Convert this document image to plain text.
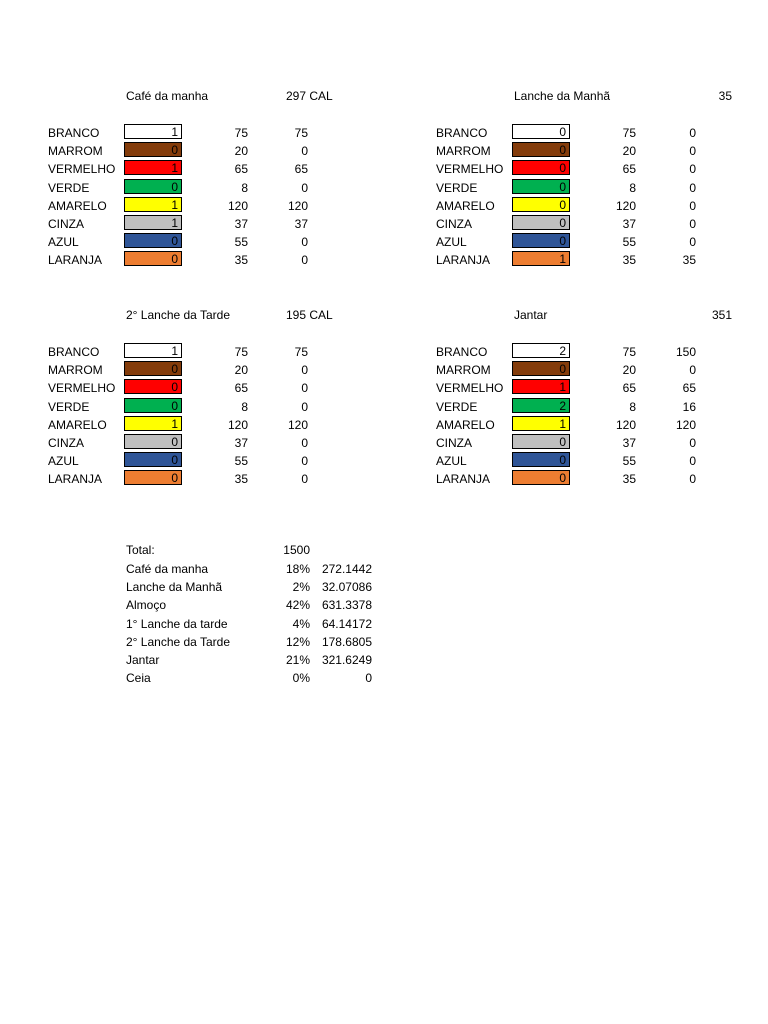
Café da manha	297 CAL
BRANCO	1	75	75
MARROM	0	20	0
VERMELHO	1	65	65
VERDE	0	8	0
AMARELO	1	120	120
CINZA	1	37	37
AZUL	0	55	0
LARANJA	0	35	0
Lanche da Manhã	35
BRANCO	0	75	0
MARROM	0	20	0
VERMELHO	0	65	0
VERDE	0	8	0
AMARELO	0	120	0
CINZA	0	37	0
AZUL	0	55	0
LARANJA	1	35	35
2° Lanche da Tarde	195 CAL
BRANCO	1	75	75
MARROM	0	20	0
VERMELHO	0	65	0
VERDE	0	8	0
AMARELO	1	120	120
CINZA	0	37	0
AZUL	0	55	0
LARANJA	0	35	0
Jantar	351
BRANCO	2	75	150
MARROM	0	20	0
VERMELHO	1	65	65
VERDE	2	8	16
AMARELO	1	120	120
CINZA	0	37	0
AZUL	0	55	0
LARANJA	0	35	0
Total:	1500
Café da manha	18% 272.1442
Lanche da Manhã	2% 32.07086
Almoço	42% 631.3378
1° Lanche da tarde	4% 64.14172
2° Lanche da Tarde	12% 178.6805
Jantar	21% 321.6249
Ceia	0%	0
